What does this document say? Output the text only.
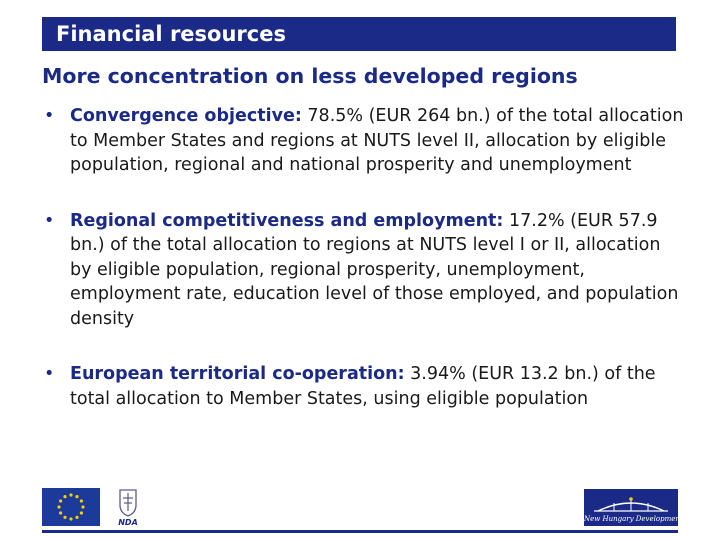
Financial resources
More concentration on less developed regions
• Convergence objective: 78.5% (EUR 264 bn.) of the total allocation to Member States and regions at NUTS level II, allocation by eligible population, regional and national prosperity and unemployment
• Regional competitiveness and employment: 17.2% (EUR 57.9 bn.) of the total allocation to regions at NUTS level I or II, allocation by eligible population, regional prosperity, unemployment, employment rate, education level of those employed, and population density
• European territorial co-operation: 3.94% (EUR 13.2 bn.) of the total allocation to Member States, using eligible population
NDA	New Hungary Development Plan
